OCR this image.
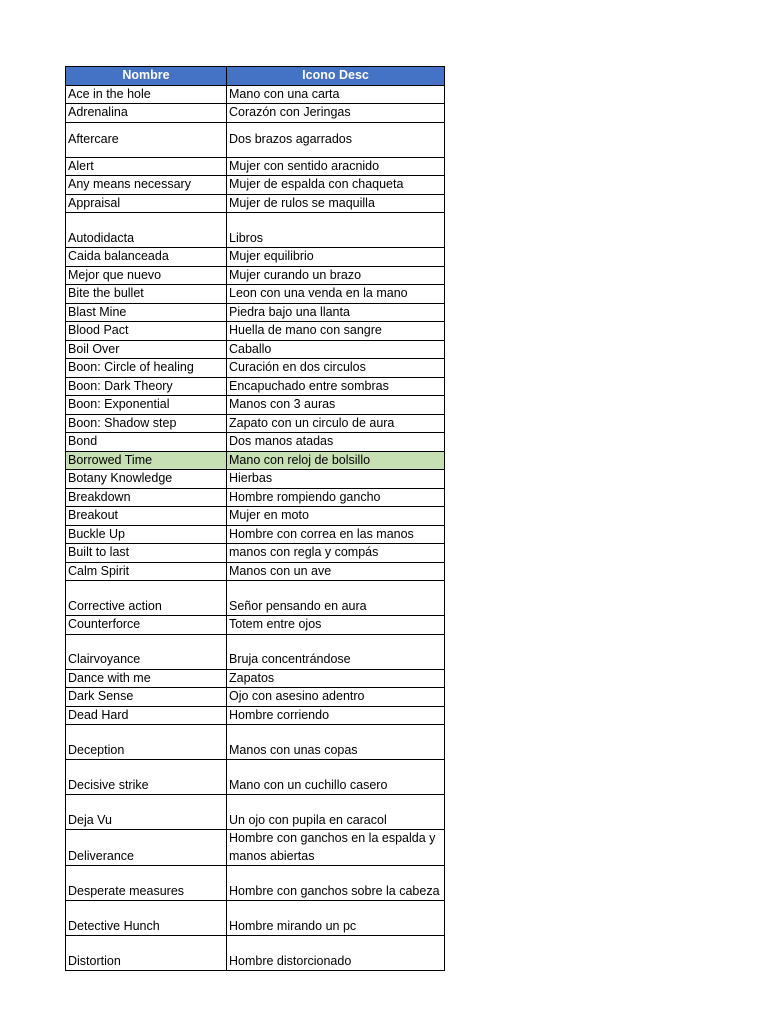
Nombre	Icono Desc
Ace in the hole	Mano con una carta
Adrenalina	Corazón con Jeringas
Aftercare	Dos brazos agarrados
Alert	Mujer con sentido aracnido
Any means necessary	Mujer de espalda con chaqueta
Appraisal	Mujer de rulos se maquilla
Autodidacta	Libros
Caida balanceada	Mujer equilibrio
Mejor que nuevo	Mujer curando un brazo
Bite the bullet	Leon con una venda en la mano
Blast Mine	Piedra bajo una llanta
Blood Pact	Huella de mano con sangre
Boil Over	Caballo
Boon: Circle of healing	Curación en dos circulos
Boon: Dark Theory	Encapuchado entre sombras
Boon: Exponential	Manos con 3 auras
Boon: Shadow step	Zapato con un circulo de aura
Bond	Dos manos atadas
Borrowed Time	Mano con reloj de bolsillo
Botany Knowledge	Hierbas
Breakdown	Hombre rompiendo gancho
Breakout	Mujer en moto
Buckle Up	Hombre con correa en las manos
Built to last	manos con regla y compás
Calm Spirit	Manos con un ave
Corrective action	Señor pensando en aura
Counterforce	Totem entre ojos
Clairvoyance	Bruja concentrándose
Dance with me	Zapatos
Dark Sense	Ojo con asesino adentro
Dead Hard	Hombre corriendo
Deception	Manos con unas copas
Decisive strike	Mano con un cuchillo casero
Deja Vu	Un ojo con pupila en caracol
Deliverance	Hombre con ganchos en la espalda y manos abiertas
Desperate measures	Hombre con ganchos sobre la cabeza
Detective Hunch	Hombre mirando un pc
Distortion	Hombre distorcionado
